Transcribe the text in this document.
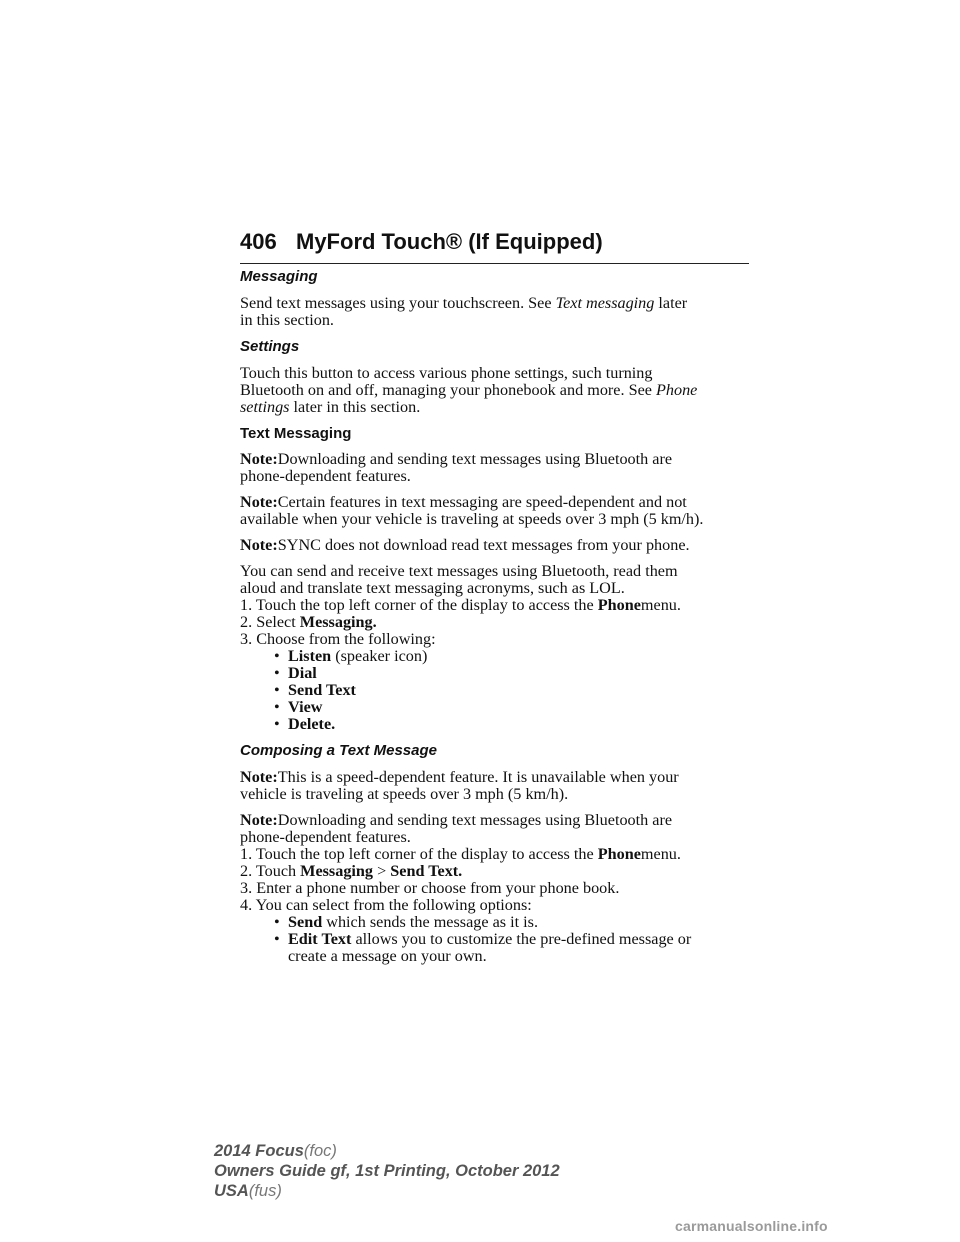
406 MyFord Touch® (If Equipped)
Messaging
Send text messages using your touchscreen. See Text messaging later
in this section.
Settings
Touch this button to access various phone settings, such turning
Bluetooth on and off, managing your phonebook and more. See Phone
settings later in this section.
Text Messaging
Note:Downloading and sending text messages using Bluetooth are
phone-dependent features.
Note:Certain features in text messaging are speed-dependent and not
available when your vehicle is traveling at speeds over 3 mph (5 km/h).
Note:SYNC does not download read text messages from your phone.
You can send and receive text messages using Bluetooth, read them
aloud and translate text messaging acronyms, such as LOL.
1. Touch the top left corner of the display to access the Phonemenu.
2. Select Messaging.
3. Choose from the following:
• Listen (speaker icon)
• Dial
• Send Text
• View
• Delete.
Composing a Text Message
Note:This is a speed-dependent feature. It is unavailable when your
vehicle is traveling at speeds over 3 mph (5 km/h).
Note:Downloading and sending text messages using Bluetooth are
phone-dependent features.
1. Touch the top left corner of the display to access the Phonemenu.
2. Touch Messaging > Send Text.
3. Enter a phone number or choose from your phone book.
4. You can select from the following options:
• Send which sends the message as it is.
• Edit Text allows you to customize the pre-defined message or
create a message on your own.
2014 Focus(foc)
Owners Guide gf, 1st Printing, October 2012
USA(fus)
carmanualsonline.info
